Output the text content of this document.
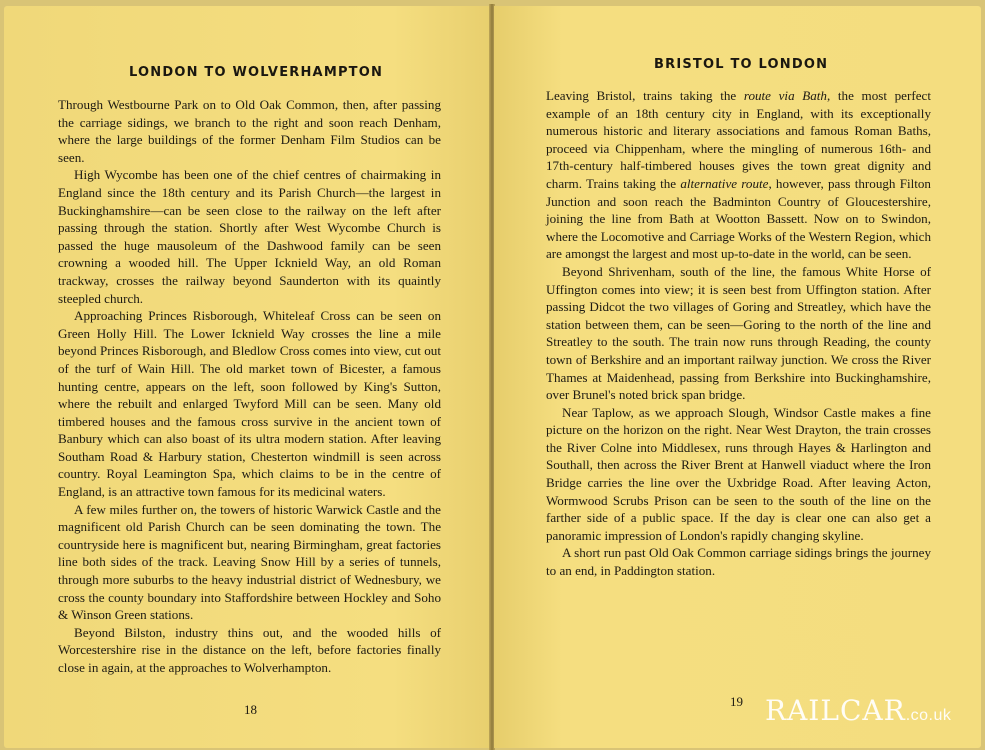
LONDON TO WOLVERHAMPTON

Through Westbourne Park on to Old Oak Common, then, after passing the carriage sidings, we branch to the right and soon reach Denham, where the large buildings of the former Denham Film Studios can be seen.

High Wycombe has been one of the chief centres of chairmaking in England since the 18th century and its Parish Church—the largest in Buckinghamshire—can be seen close to the railway on the left after passing through the station. Shortly after West Wycombe Church is passed the huge mausoleum of the Dashwood family can be seen crowning a wooded hill. The Upper Icknield Way, an old Roman trackway, crosses the railway beyond Saunderton with its quaintly steepled church.

Approaching Princes Risborough, Whiteleaf Cross can be seen on Green Holly Hill. The Lower Icknield Way crosses the line a mile beyond Princes Risborough, and Bledlow Cross comes into view, cut out of the turf of Wain Hill. The old market town of Bicester, a famous hunting centre, appears on the left, soon followed by King's Sutton, where the rebuilt and enlarged Twyford Mill can be seen. Many old timbered houses and the famous cross survive in the ancient town of Banbury which can also boast of its ultra modern station. After leaving Southam Road & Harbury station, Chesterton windmill is seen across country. Royal Leamington Spa, which claims to be in the centre of England, is an attractive town famous for its medicinal waters.

A few miles further on, the towers of historic Warwick Castle and the magnificent old Parish Church can be seen dominating the town. The countryside here is magnificent but, nearing Birmingham, great factories line both sides of the track. Leaving Snow Hill by a series of tunnels, through more suburbs to the heavy industrial district of Wednesbury, we cross the county boundary into Staffordshire between Hockley and Soho & Winson Green stations.

Beyond Bilston, industry thins out, and the wooded hills of Worcestershire rise in the distance on the left, before factories finally close in again, at the approaches to Wolverhampton.

18
BRISTOL TO LONDON

Leaving Bristol, trains taking the route via Bath, the most perfect example of an 18th century city in England, with its exceptionally numerous historic and literary associations and famous Roman Baths, proceed via Chippenham, where the mingling of numerous 16th- and 17th-century half-timbered houses gives the town great dignity and charm. Trains taking the alternative route, however, pass through Filton Junction and soon reach the Badminton Country of Gloucestershire, joining the line from Bath at Wootton Bassett. Now on to Swindon, where the Locomotive and Carriage Works of the Western Region, which are amongst the largest and most up-to-date in the world, can be seen.

Beyond Shrivenham, south of the line, the famous White Horse of Uffington comes into view; it is seen best from Uffington station. After passing Didcot the two villages of Goring and Streatley, which have the station between them, can be seen—Goring to the north of the line and Streatley to the south. The train now runs through Reading, the county town of Berkshire and an important railway junction. We cross the River Thames at Maidenhead, passing from Berkshire into Buckinghamshire, over Brunel's noted brick span bridge.

Near Taplow, as we approach Slough, Windsor Castle makes a fine picture on the horizon on the right. Near West Drayton, the train crosses the River Colne into Middlesex, runs through Hayes & Harlington and Southall, then across the River Brent at Hanwell viaduct where the Iron Bridge carries the line over the Uxbridge Road. After leaving Acton, Wormwood Scrubs Prison can be seen to the south of the line on the farther side of a public space. If the day is clear one can also get a panoramic impression of London's rapidly changing skyline.

A short run past Old Oak Common carriage sidings brings the journey to an end, in Paddington station.

19 RAILCAR.co.uk
